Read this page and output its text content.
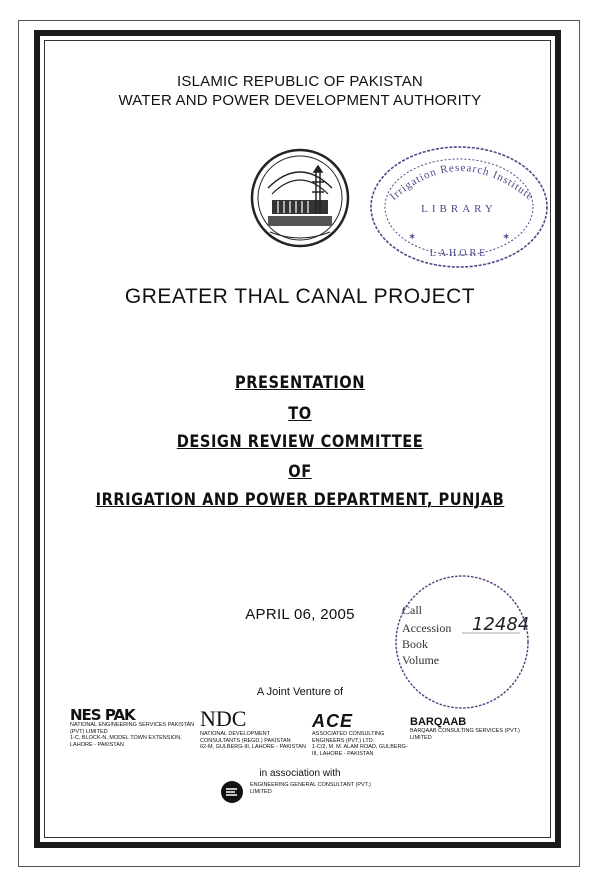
ISLAMIC REPUBLIC OF PAKISTAN
WATER AND POWER DEVELOPMENT AUTHORITY
Irrigation Research Institute
LIBRARY
LAHORE
✶	✶
GREATER THAL CANAL PROJECT
PRESENTATION
TO
DESIGN REVIEW COMMITTEE
OF
IRRIGATION AND POWER DEPARTMENT, PUNJAB
APRIL 06, 2005	Call
Accession
Book
Volume
12484
A Joint Venture of
NES PAK
NATIONAL ENGINEERING SERVICES PAKISTAN (PVT) LIMITED
1-C, BLOCK-N, MODEL TOWN EXTENSION, LAHORE - PAKISTAN
NDC
NATIONAL DEVELOPMENT CONSULTANTS (REGD.) PAKISTAN
62-M, GULBERG-III, LAHORE - PAKISTAN
ACE
ASSOCIATED CONSULTING ENGINEERS (PVT.) LTD.
1-C/2, M. M. ALAM ROAD, GULBERG-III, LAHORE - PAKISTAN
BARQAAB
BARQAAB CONSULTING SERVICES (PVT.) LIMITED
in association with
ENGINEERING GENERAL CONSULTANT (PVT.) LIMITED
